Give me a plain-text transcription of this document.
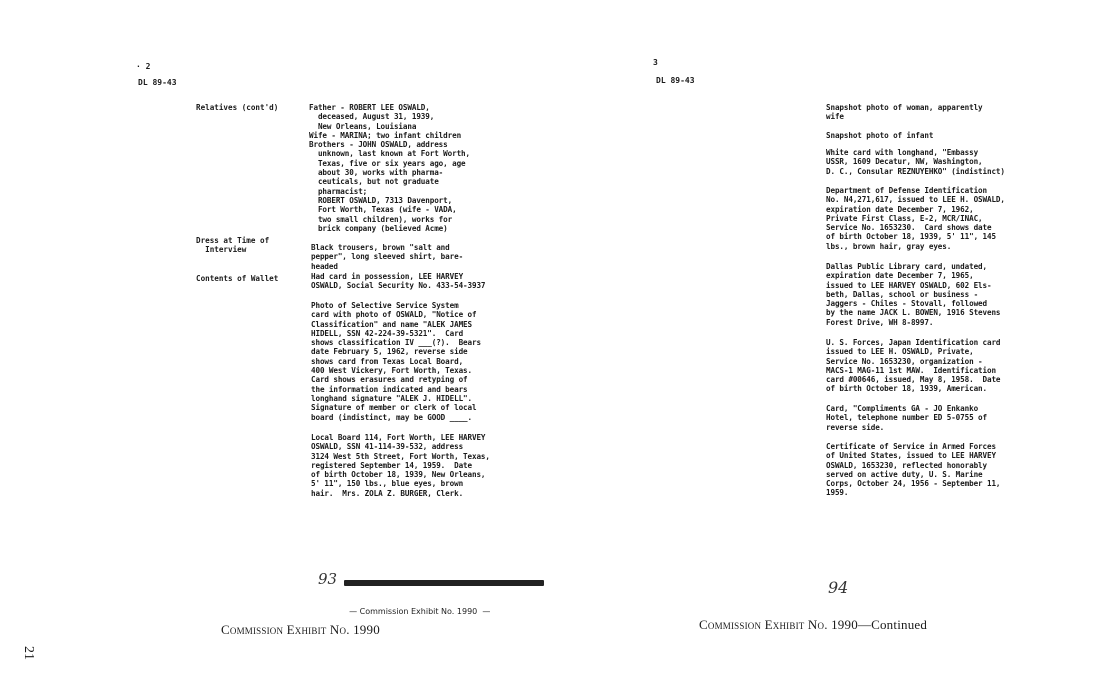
· 2
DL 89-43
Relatives (cont'd)	Father - ROBERT LEE OSWALD,
deceased, August 31, 1939,
New Orleans, Louisiana
Wife - MARINA; two infant children
Brothers - JOHN OSWALD, address
unknown, last known at Fort Worth,
Texas, five or six years ago, age
about 30, works with pharma-
ceuticals, but not graduate
pharmacist;
ROBERT OSWALD, 7313 Davenport,
Fort Worth, Texas (wife - VADA,
two small children), works for
brick company (believed Acme)
Dress at Time of
Interview	Black trousers, brown "salt and
pepper", long sleeved shirt, bare-
headed
Contents of Wallet	Had card in possession, LEE HARVEY
OSWALD, Social Security No. 433-54-3937
Photo of Selective Service System
card with photo of OSWALD, "Notice of
Classification" and name "ALEK JAMES
HIDELL, SSN 42-224-39-5321".  Card
shows classification IV ___(?).  Bears
date February 5, 1962, reverse side
shows card from Texas Local Board,
400 West Vickery, Fort Worth, Texas.
Card shows erasures and retyping of
the information indicated and bears
longhand signature "ALEK J. HIDELL".
Signature of member or clerk of local
board (indistinct, may be GOOD ____.
Local Board 114, Fort Worth, LEE HARVEY
OSWALD, SSN 41-114-39-532, address
3124 West 5th Street, Fort Worth, Texas,
registered September 14, 1959.  Date
of birth October 18, 1939, New Orleans,
5' 11", 150 lbs., blue eyes, brown
hair.  Mrs. ZOLA Z. BURGER, Clerk.
93

— Commission Exhibit No. 1990  —

Commission Exhibit No. 1990
21
3
DL 89-43
Snapshot photo of woman, apparently
wife
Snapshot photo of infant
White card with longhand, "Embassy
USSR, 1609 Decatur, NW, Washington,
D. C., Consular REZNUYEHKO" (indistinct)
Department of Defense Identification
No. N4,271,617, issued to LEE H. OSWALD,
expiration date December 7, 1962,
Private First Class, E-2, MCR/INAC,
Service No. 1653230.  Card shows date
of birth October 18, 1939, 5' 11", 145
lbs., brown hair, gray eyes.
Dallas Public Library card, undated,
expiration date December 7, 1965,
issued to LEE HARVEY OSWALD, 602 Els-
beth, Dallas, school or business -
Jaggers - Chiles - Stovall, followed
by the name JACK L. BOWEN, 1916 Stevens
Forest Drive, WH 8-8997.
U. S. Forces, Japan Identification card
issued to LEE H. OSWALD, Private,
Service No. 1653230, organization -
MACS-1 MAG-11 1st MAW.  Identification
card #00646, issued, May 8, 1958.  Date
of birth October 18, 1939, American.
Card, "Compliments GA - JO Enkanko
Hotel, telephone number ED 5-0755 of
reverse side.
Certificate of Service in Armed Forces
of United States, issued to LEE HARVEY
OSWALD, 1653230, reflected honorably
served on active duty, U. S. Marine
Corps, October 24, 1956 - September 11,
1959.
94
Commission Exhibit No. 1990—Continued
